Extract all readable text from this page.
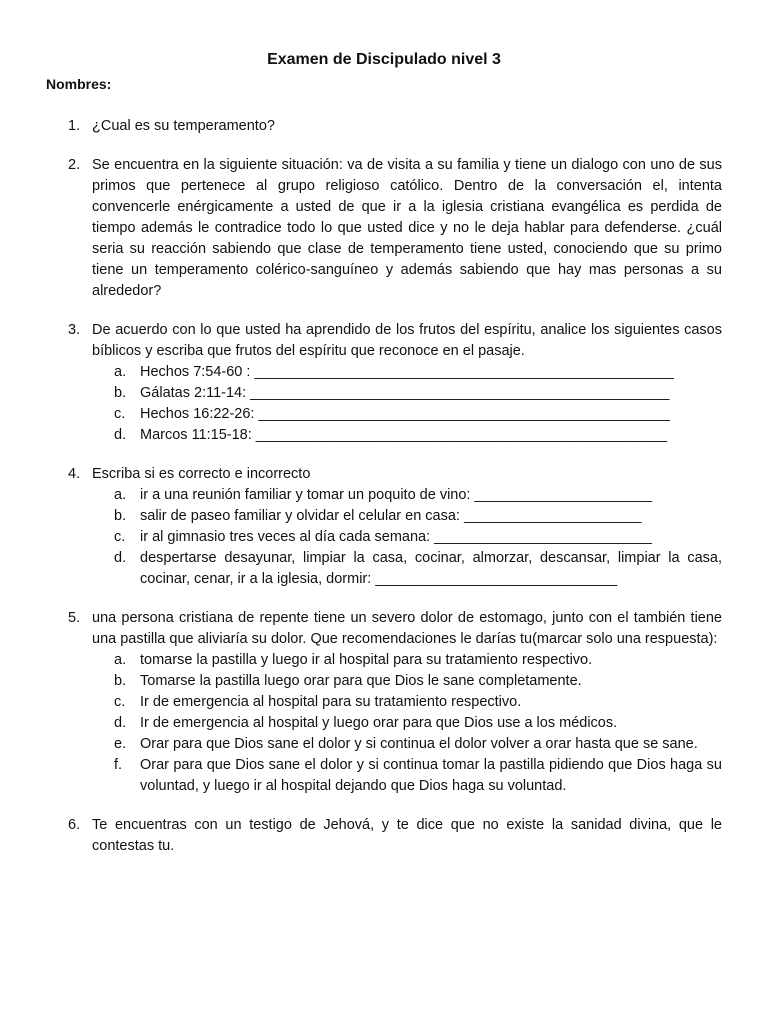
Examen de Discipulado nivel 3
Nombres:
1. ¿Cual es su temperamento?
2. Se encuentra en la siguiente situación: va de visita a su familia y tiene un dialogo con uno de sus primos que pertenece al grupo religioso católico. Dentro de la conversación el, intenta convencerle enérgicamente a usted de que ir a la iglesia cristiana evangélica es perdida de tiempo además le contradice todo lo que usted dice y no le deja hablar para defenderse. ¿cuál seria su reacción sabiendo que clase de temperamento tiene usted, conociendo que su primo tiene un temperamento colérico-sanguíneo y además sabiendo que hay mas personas a su alrededor?
3. De acuerdo con lo que usted ha aprendido de los frutos del espíritu, analice los siguientes casos bíblicos y escriba que frutos del espíritu que reconoce en el pasaje.
a. Hechos 7:54-60 : ____________________________________________________
b. Gálatas 2:11-14: ____________________________________________________
c. Hechos 16:22-26: ___________________________________________________
d. Marcos 11:15-18: ___________________________________________________
4. Escriba si es correcto e incorrecto
a. ir a una reunión familiar y tomar un poquito de vino: ______________________
b. salir de paseo familiar y olvidar el celular en casa: ______________________
c. ir al gimnasio tres veces al día cada semana: ___________________________
d. despertarse desayunar, limpiar la casa, cocinar, almorzar, descansar, limpiar la casa, cocinar, cenar, ir a la iglesia, dormir: ______________________________
5. una persona cristiana de repente tiene un severo dolor de estomago, junto con el también tiene una pastilla que aliviaría su dolor. Que recomendaciones le darías tu(marcar solo una respuesta):
a. tomarse la pastilla y luego ir al hospital para su tratamiento respectivo.
b. Tomarse la pastilla luego orar para que Dios le sane completamente.
c. Ir de emergencia al hospital para su tratamiento respectivo.
d. Ir de emergencia al hospital y luego orar para que Dios use a los médicos.
e. Orar para que Dios sane el dolor y si continua el dolor volver a orar hasta que se sane.
f. Orar para que Dios sane el dolor y si continua tomar la pastilla pidiendo que Dios haga su voluntad, y luego ir al hospital dejando que Dios haga su voluntad.
6. Te encuentras con un testigo de Jehová, y te dice que no existe la sanidad divina, que le contestas tu.
